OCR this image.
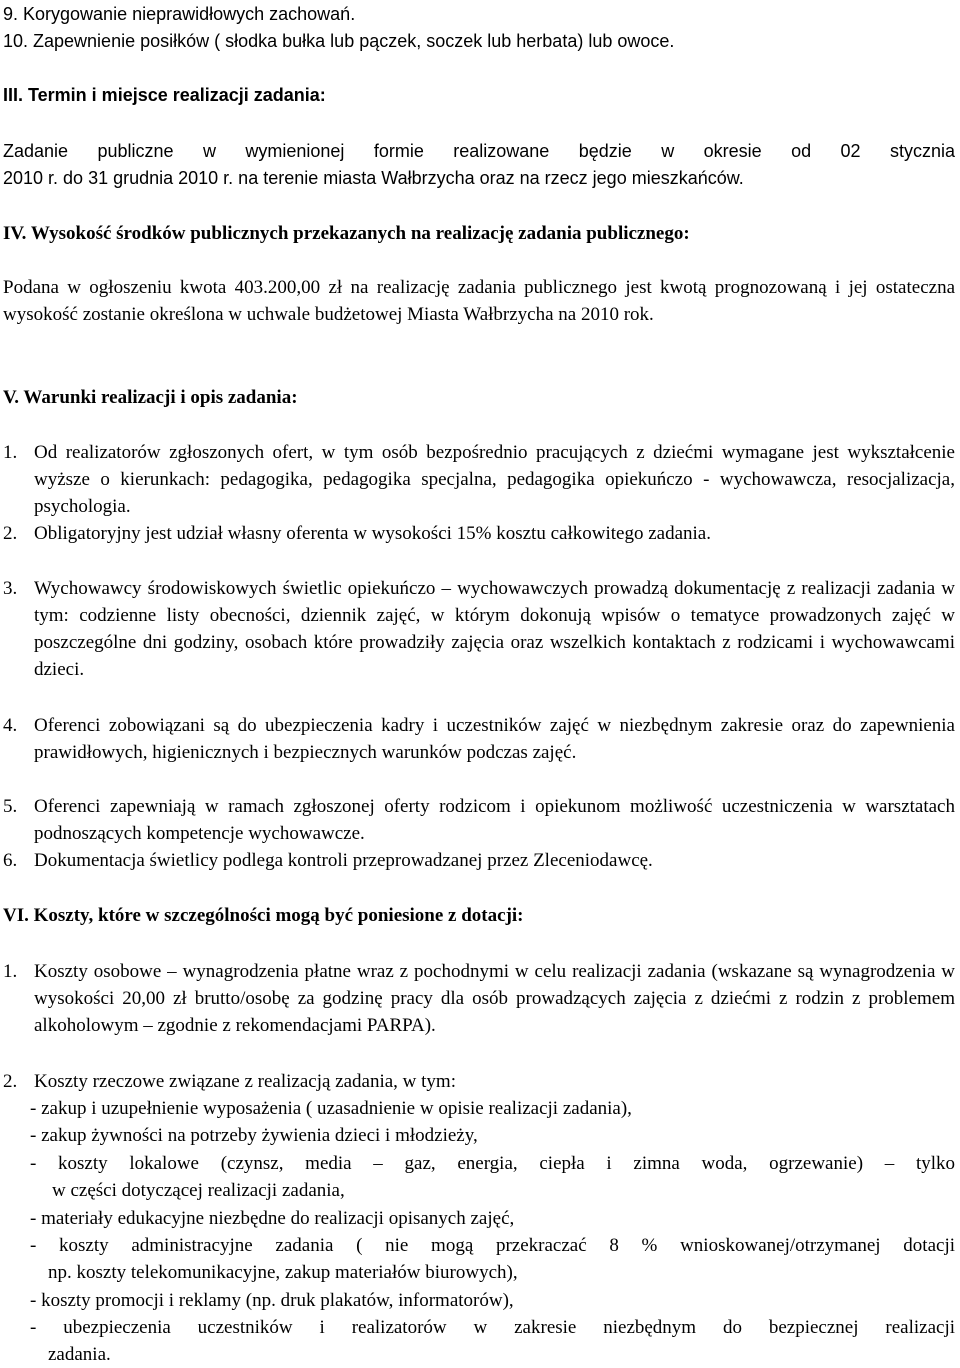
9. Korygowanie nieprawidłowych zachowań.
10. Zapewnienie posiłków ( słodka bułka lub pączek, soczek lub herbata) lub owoce.
III. Termin i miejsce realizacji zadania:
Zadanie publiczne w wymienionej formie realizowane będzie w okresie od 02 stycznia
2010 r. do 31 grudnia 2010 r. na terenie miasta Wałbrzycha oraz na rzecz jego mieszkańców.
IV. Wysokość środków publicznych przekazanych na realizację zadania publicznego:
Podana w ogłoszeniu kwota 403.200,00 zł na realizację zadania publicznego jest kwotą prognozowaną i jej ostateczna wysokość zostanie określona w uchwale budżetowej Miasta Wałbrzycha na 2010 rok.
V. Warunki realizacji i opis zadania:
1. Od realizatorów zgłoszonych ofert, w tym osób bezpośrednio pracujących z dziećmi wymagane jest wykształcenie wyższe o kierunkach: pedagogika, pedagogika specjalna, pedagogika opiekuńczo - wychowawcza, resocjalizacja, psychologia.
2. Obligatoryjny jest udział własny oferenta w wysokości 15% kosztu całkowitego zadania.
3. Wychowawcy środowiskowych świetlic opiekuńczo – wychowawczych prowadzą dokumentację z realizacji zadania w tym: codzienne listy obecności, dziennik zajęć, w którym dokonują wpisów o tematyce prowadzonych zajęć w poszczególne dni godziny, osobach które prowadziły zajęcia oraz wszelkich kontaktach z rodzicami i wychowawcami dzieci.
4. Oferenci zobowiązani są do ubezpieczenia kadry i uczestników zajęć w niezbędnym zakresie oraz do zapewnienia prawidłowych, higienicznych i bezpiecznych warunków podczas zajęć.
5. Oferenci zapewniają w ramach zgłoszonej oferty rodzicom i opiekunom możliwość uczestniczenia w warsztatach podnoszących kompetencje wychowawcze.
6. Dokumentacja świetlicy podlega kontroli przeprowadzanej przez Zleceniodawcę.
VI. Koszty, które w szczególności mogą być poniesione z dotacji:
1. Koszty osobowe – wynagrodzenia płatne wraz z pochodnymi w celu realizacji zadania (wskazane są wynagrodzenia w wysokości 20,00 zł brutto/osobę za godzinę pracy dla osób prowadzących zajęcia z dziećmi z rodzin z problemem alkoholowym – zgodnie z rekomendacjami PARPA).
2. Koszty rzeczowe związane z realizacją zadania, w tym:
- zakup i uzupełnienie wyposażenia ( uzasadnienie w opisie realizacji zadania),
- zakup żywności na potrzeby żywienia dzieci i młodzieży,
- koszty lokalowe (czynsz, media – gaz, energia, ciepła i zimna woda, ogrzewanie) – tylko
w części dotyczącej realizacji zadania,
- materiały edukacyjne niezbędne do realizacji opisanych zajęć,
- koszty administracyjne zadania ( nie mogą przekraczać 8 % wnioskowanej/otrzymanej dotacji
np. koszty telekomunikacyjne, zakup materiałów biurowych),
- koszty promocji i reklamy (np. druk plakatów, informatorów),
- ubezpieczenia uczestników i realizatorów w zakresie niezbędnym do bezpiecznej realizacji
zadania.
